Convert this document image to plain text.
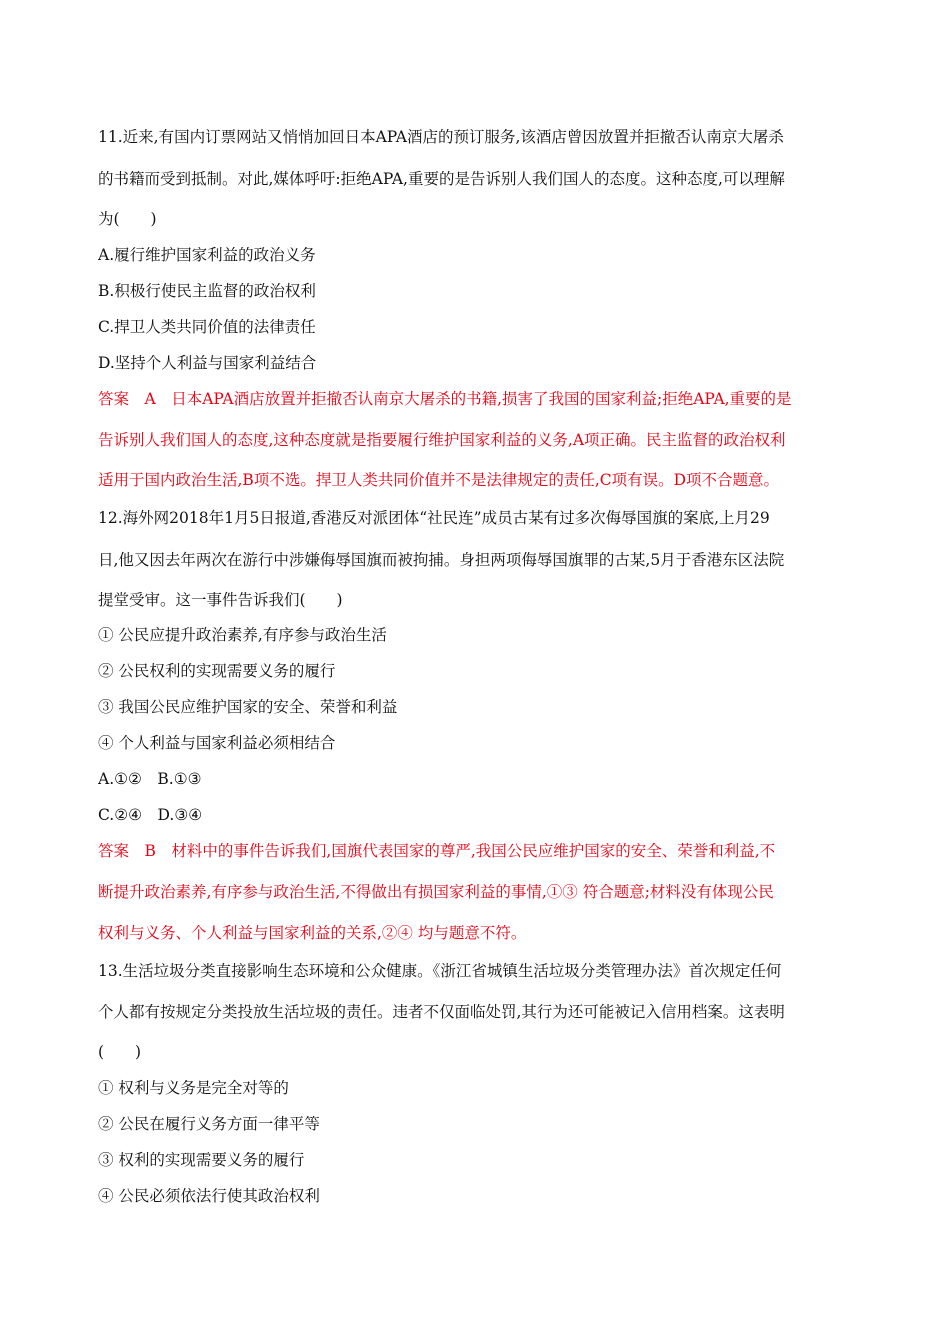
11.近来,有国内订票网站又悄悄加回日本APA酒店的预订服务,该酒店曾因放置并拒撤否认南京大屠杀
的书籍而受到抵制。对此,媒体呼吁:拒绝APA,重要的是告诉别人我们国人的态度。这种态度,可以理解
为(　　)
A.履行维护国家利益的政治义务
B.积极行使民主监督的政治权利
C.捍卫人类共同价值的法律责任
D.坚持个人利益与国家利益结合
答案　A　日本APA酒店放置并拒撤否认南京大屠杀的书籍,损害了我国的国家利益;拒绝APA,重要的是
告诉别人我们国人的态度,这种态度就是指要履行维护国家利益的义务,A项正确。民主监督的政治权利
适用于国内政治生活,B项不选。捍卫人类共同价值并不是法律规定的责任,C项有误。D项不合题意。
12.海外网2018年1月5日报道,香港反对派团体“社民连”成员古某有过多次侮辱国旗的案底,上月29
日,他又因去年两次在游行中涉嫌侮辱国旗而被拘捕。身担两项侮辱国旗罪的古某,5月于香港东区法院
提堂受审。这一事件告诉我们(　　)
① 公民应提升政治素养,有序参与政治生活
② 公民权利的实现需要义务的履行
③ 我国公民应维护国家的安全、荣誉和利益
④ 个人利益与国家利益必须相结合
A.①②　B.①③
C.②④　D.③④
答案　B　材料中的事件告诉我们,国旗代表国家的尊严,我国公民应维护国家的安全、荣誉和利益,不
断提升政治素养,有序参与政治生活,不得做出有损国家利益的事情,①③ 符合题意;材料没有体现公民
权利与义务、个人利益与国家利益的关系,②④ 均与题意不符。
13.生活垃圾分类直接影响生态环境和公众健康。《浙江省城镇生活垃圾分类管理办法》首次规定任何
个人都有按规定分类投放生活垃圾的责任。违者不仅面临处罚,其行为还可能被记入信用档案。这表明
(　　)
① 权利与义务是完全对等的
② 公民在履行义务方面一律平等
③ 权利的实现需要义务的履行
④ 公民必须依法行使其政治权利
